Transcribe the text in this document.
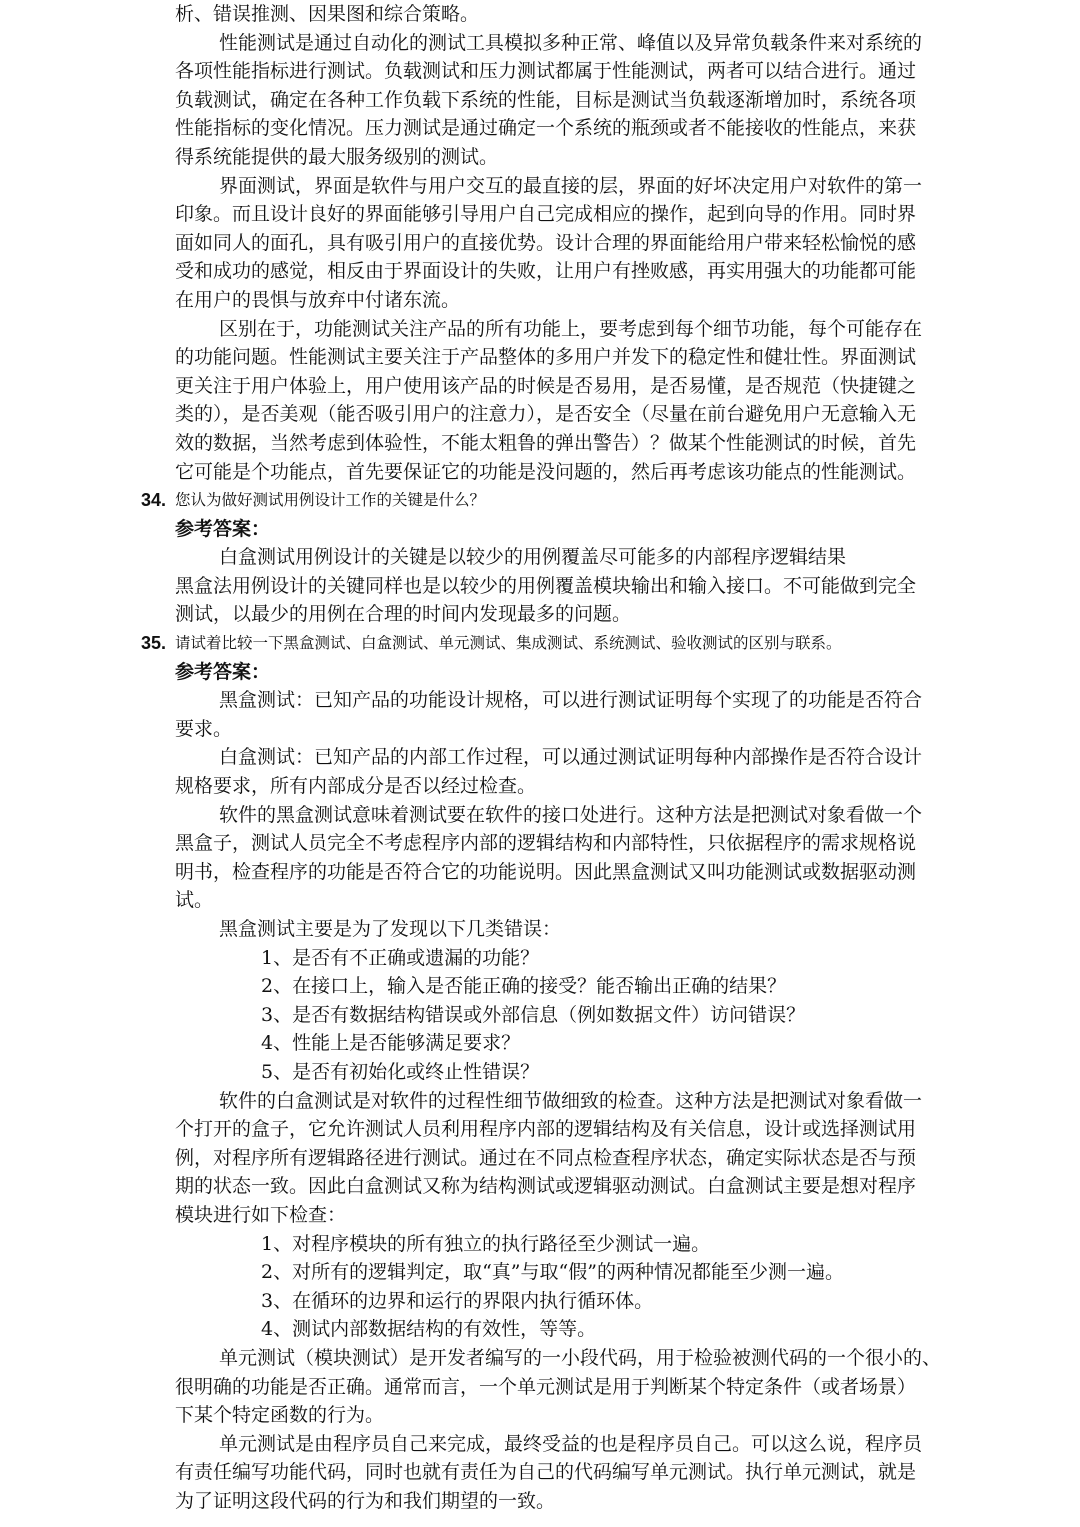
析、错误推测、因果图和综合策略。

性能测试是通过自动化的测试工具模拟多种正常、峰值以及异常负载条件来对系统的

各项性能指标进行测试。负载测试和压力测试都属于性能测试，两者可以结合进行。通过

负载测试，确定在各种工作负载下系统的性能，目标是测试当负载逐渐增加时，系统各项

性能指标的变化情况。压力测试是通过确定一个系统的瓶颈或者不能接收的性能点，来获

得系统能提供的最大服务级别的测试。

界面测试，界面是软件与用户交互的最直接的层，界面的好坏决定用户对软件的第一

印象。而且设计良好的界面能够引导用户自己完成相应的操作，起到向导的作用。同时界

面如同人的面孔，具有吸引用户的直接优势。设计合理的界面能给用户带来轻松愉悦的感

受和成功的感觉，相反由于界面设计的失败，让用户有挫败感，再实用强大的功能都可能

在用户的畏惧与放弃中付诸东流。

区别在于，功能测试关注产品的所有功能上，要考虑到每个细节功能，每个可能存在

的功能问题。性能测试主要关注于产品整体的多用户并发下的稳定性和健壮性。界面测试

更关注于用户体验上，用户使用该产品的时候是否易用，是否易懂，是否规范（快捷键之

类的），是否美观（能否吸引用户的注意力），是否安全（尽量在前台避免用户无意输入无

效的数据，当然考虑到体验性，不能太粗鲁的弹出警告）？做某个性能测试的时候，首先

它可能是个功能点，首先要保证它的功能是没问题的，然后再考虑该功能点的性能测试。

34. 您认为做好测试用例设计工作的关键是什么？

参考答案：

白盒测试用例设计的关键是以较少的用例覆盖尽可能多的内部程序逻辑结果

黑盒法用例设计的关键同样也是以较少的用例覆盖模块输出和输入接口。不可能做到完全

测试，以最少的用例在合理的时间内发现最多的问题。

35. 请试着比较一下黑盒测试、白盒测试、单元测试、集成测试、系统测试、验收测试的区别与联系。

参考答案：

黑盒测试：已知产品的功能设计规格，可以进行测试证明每个实现了的功能是否符合

要求。

白盒测试：已知产品的内部工作过程，可以通过测试证明每种内部操作是否符合设计

规格要求，所有内部成分是否以经过检查。

软件的黑盒测试意味着测试要在软件的接口处进行。这种方法是把测试对象看做一个

黑盒子，测试人员完全不考虑程序内部的逻辑结构和内部特性，只依据程序的需求规格说

明书，检查程序的功能是否符合它的功能说明。因此黑盒测试又叫功能测试或数据驱动测

试。

黑盒测试主要是为了发现以下几类错误：

1、是否有不正确或遗漏的功能？

2、在接口上，输入是否能正确的接受？能否输出正确的结果？

3、是否有数据结构错误或外部信息（例如数据文件）访问错误？

4、性能上是否能够满足要求？

5、是否有初始化或终止性错误？

软件的白盒测试是对软件的过程性细节做细致的检查。这种方法是把测试对象看做一

个打开的盒子，它允许测试人员利用程序内部的逻辑结构及有关信息，设计或选择测试用

例，对程序所有逻辑路径进行测试。通过在不同点检查程序状态，确定实际状态是否与预

期的状态一致。因此白盒测试又称为结构测试或逻辑驱动测试。白盒测试主要是想对程序

模块进行如下检查：

1、对程序模块的所有独立的执行路径至少测试一遍。

2、对所有的逻辑判定，取“真”与取“假”的两种情况都能至少测一遍。

3、在循环的边界和运行的界限内执行循环体。

4、测试内部数据结构的有效性，等等。

单元测试（模块测试）是开发者编写的一小段代码，用于检验被测代码的一个很小的、

很明确的功能是否正确。通常而言，一个单元测试是用于判断某个特定条件（或者场景）

下某个特定函数的行为。

单元测试是由程序员自己来完成，最终受益的也是程序员自己。可以这么说，程序员

有责任编写功能代码，同时也就有责任为自己的代码编写单元测试。执行单元测试，就是

为了证明这段代码的行为和我们期望的一致。
